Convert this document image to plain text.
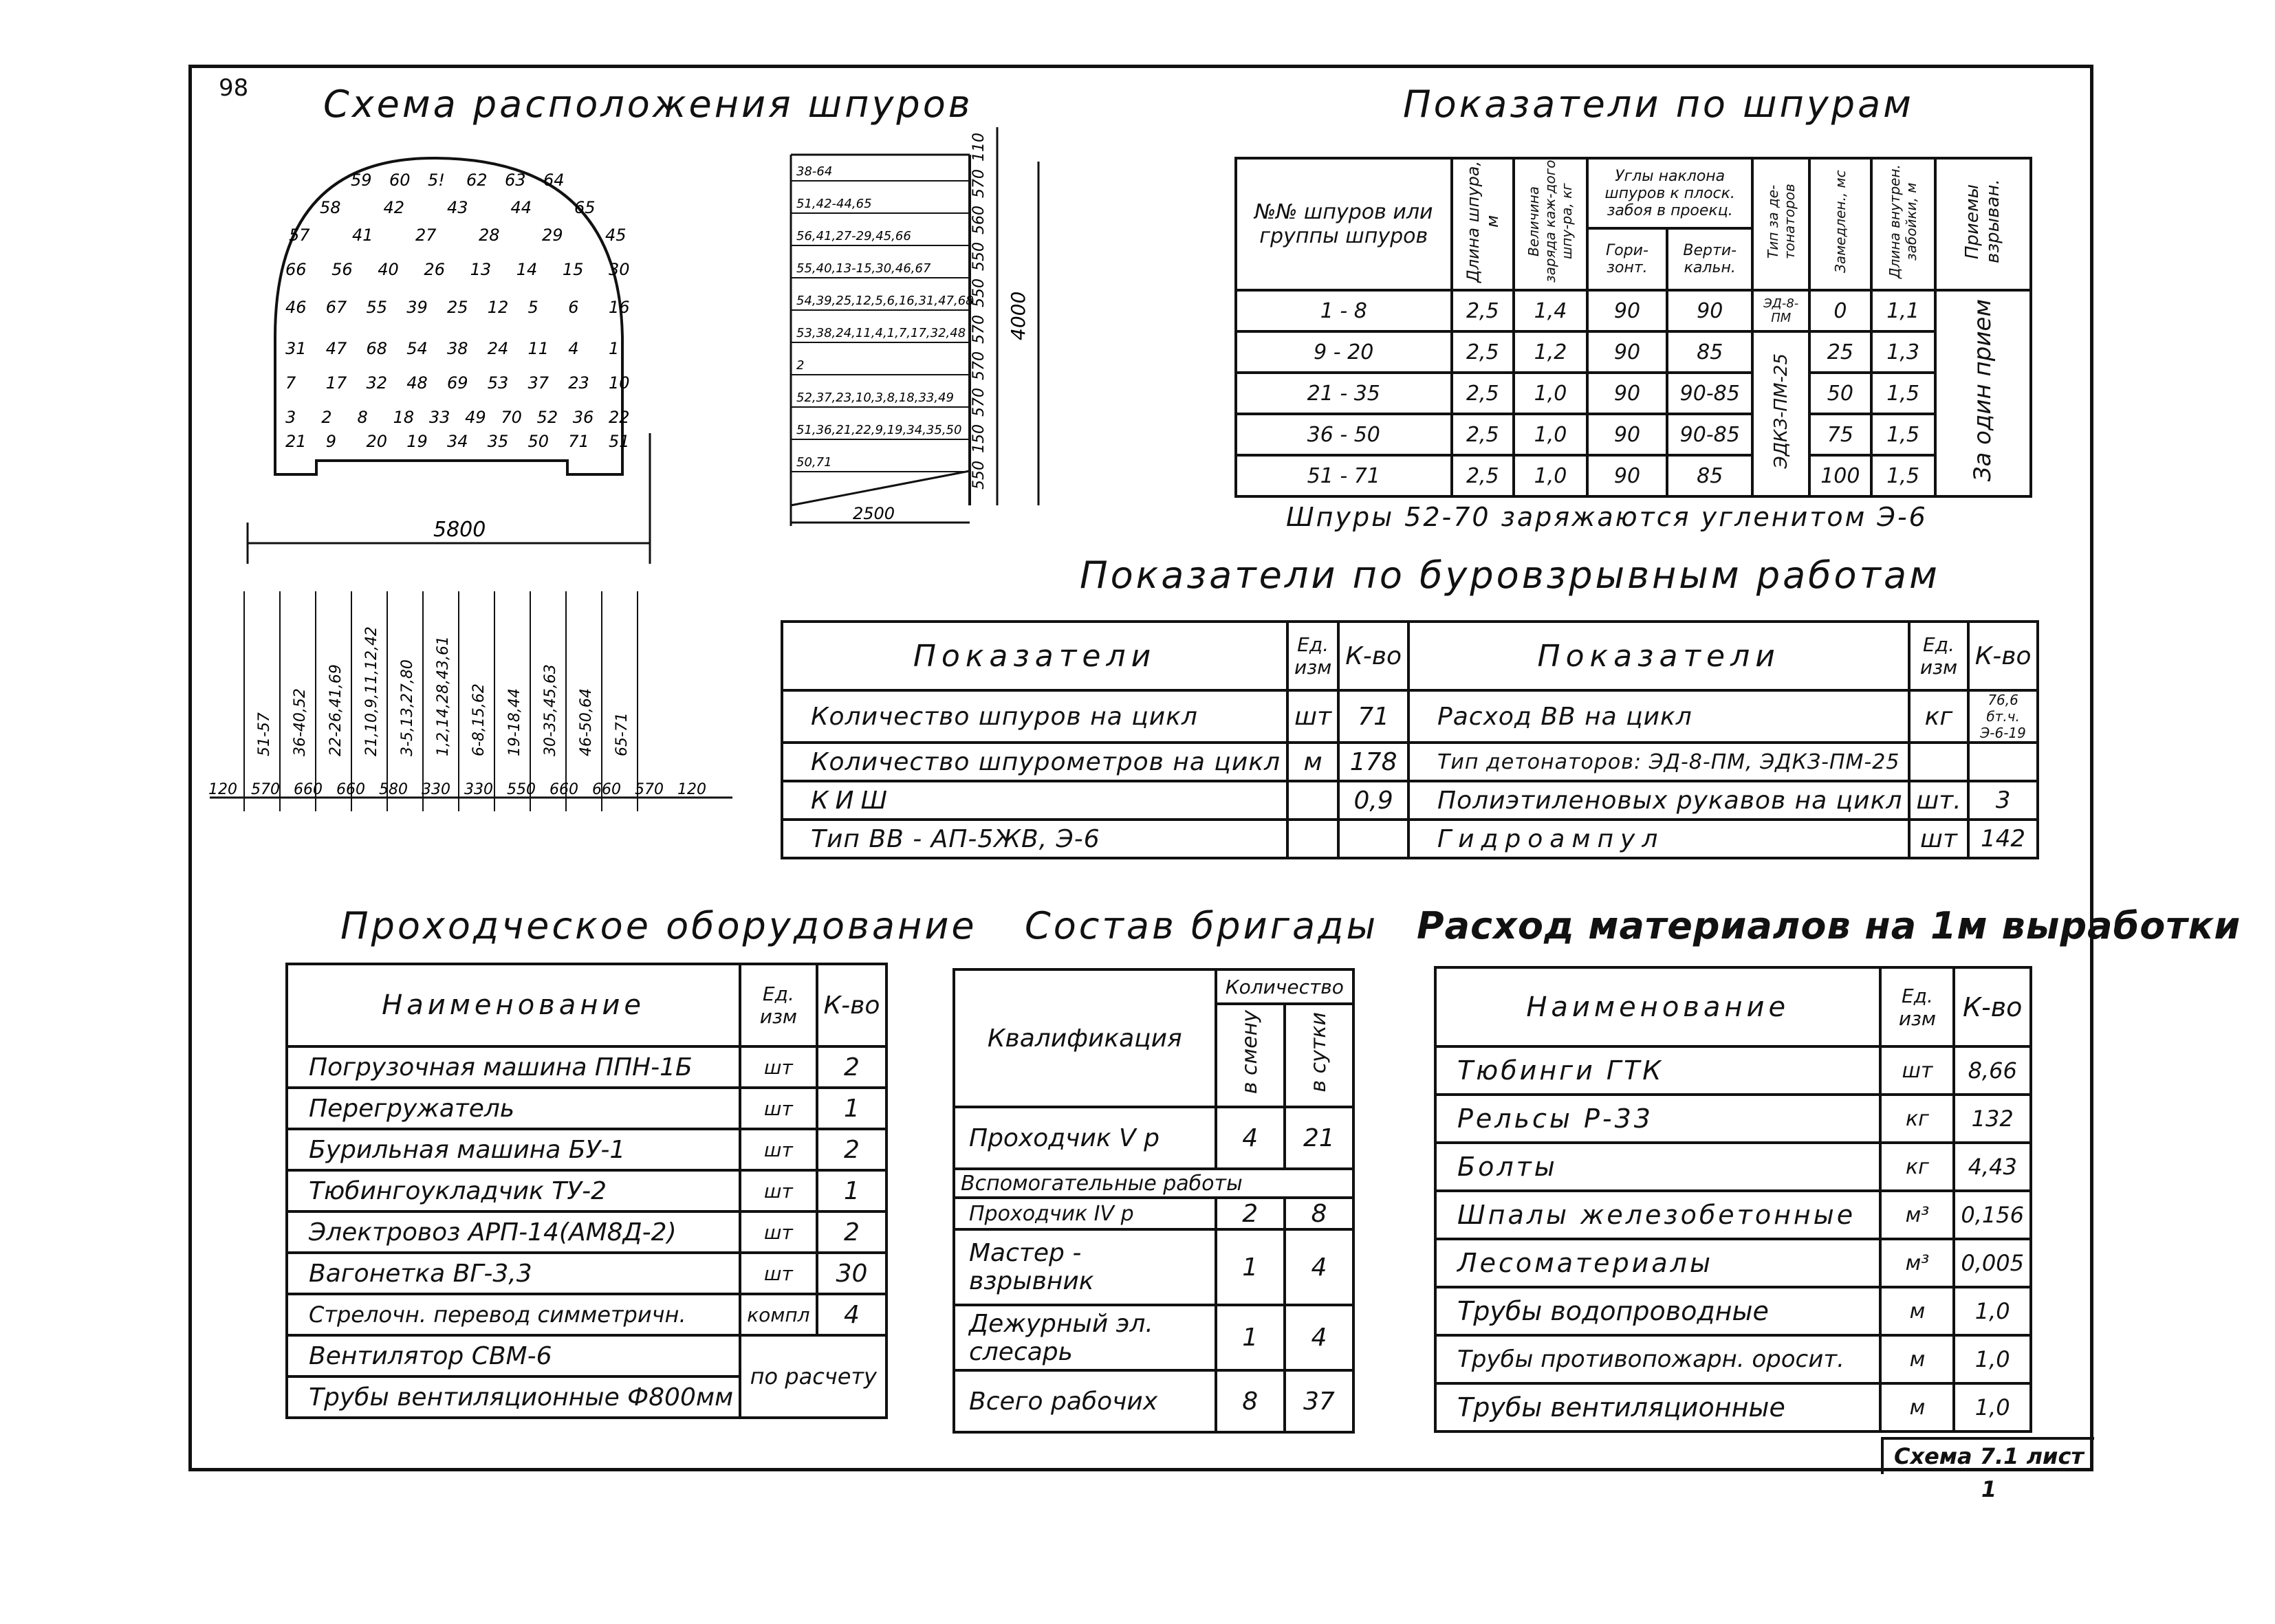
98 Схема расположения шпуров	Показатели по шпурам
Показатели по буровзрывным работам
Проходческое оборудование Состав бригады Расход материалов на 1м выработки
5800
59 60 5! 62 63 64
58	42	43	44	65
57	41	27	28	29	45
66 56 40 26 13 14 15 30
46 67 55 39 25 12 5 6 16
31 47 68 54 38 24 11 4 1
7 17 32 48 69 53 37 23 10
3 2 8 18 33 49 70 52 36 22
21 9 20 19 34 35 50 71 51
2500
4000
38-64
51,42-44,65
56,41,27-29,45,66
55,40,13-15,30,46,67
54,39,25,12,5,6,16,31,47,68
53,38,24,11,4,1,7,17,32,48
2
52,37,23,10,3,8,18,33,49
51,36,21,22,9,19,34,35,50
50,71
110
570
560
550
550
570
570
570
150
550
51-57 36-40,52 22-26,41,69 21,10,9,11,12,42 3-5,13,27,80 1,2,14,28,43,61 6-8,15,62 19-18,44 30-35,45,63 46-50,64 65-71
120 570 660 660 580 330 330 550 660 660 570 120
№№ шпуров или группы шпуров	Длина шпура, м	Величина заряда каж-дого шпу-ра, кг	Углы наклона шпуров к плоск. забоя в проекц.		Тип за де-тонаторов	Замедлен., мс	Длина внутрен. забойки, м	Приемы взрыван.
			Гори-зонт.	Верти-кальн.				
1 - 8	2,5	1,4	90	90	ЭД-8-ПМ	0	1,1	За один прием
9 - 20	2,5	1,2	90	85	ЭДКЗ-ПМ-25	25	1,3	
21 - 35	2,5	1,0	90	90-85		50	1,5	
36 - 50	2,5	1,0	90	90-85		75	1,5	
51 - 71	2,5	1,0	90	85		100	1,5	
Шпуры 52-70 заряжаются угленитом Э-6
Показатели	Ед. изм	К-во	Показатели	Ед. изм	К-во
Количество шпуров на цикл	шт	71	Расход ВВ на цикл	кг	76,6 бт.ч. Э-6-19
Количество шпурометров на цикл	м	178	Тип детонаторов: ЭД-8-ПМ, ЭДКЗ-ПМ-25		
КИШ		0,9	Полиэтиленовых рукавов на цикл	шт.	3
Тип ВВ - АП-5ЖВ, Э-6			Гидроампул	шт	142
Наименование	Ед. изм	К-во
Погрузочная машина ППН-1Б	шт	2
Перегружатель	шт	1
Бурильная машина БУ-1	шт	2
Тюбингоукладчик ТУ-2	шт	1
Электровоз АРП-14(АМ8Д-2)	шт	2
Вагонетка ВГ-3,3	шт	30
Стрелочн. перевод симметричн.	компл	4
Вентилятор СВМ-6	по расчету	
Трубы вентиляционные Ф800мм		
Квалификация	Количество	
	в смену	в сутки
Проходчик V р	4	21
Вспомогательные работы		
Проходчик IV р	2	8
Мастер - взрывник	1	4
Дежурный эл. слесарь	1	4
Всего рабочих	8	37
Наименование	Ед. изм	К-во
Тюбинги ГТК	шт	8,66
Рельсы Р-33	кг	132
Болты	кг	4,43
Шпалы железобетонные	м³	0,156
Лесоматериалы	м³	0,005
Трубы водопроводные	м	1,0
Трубы противопожарн. оросит.	м	1,0
Трубы вентиляционные	м	1,0
Схема 7.1 лист 1
